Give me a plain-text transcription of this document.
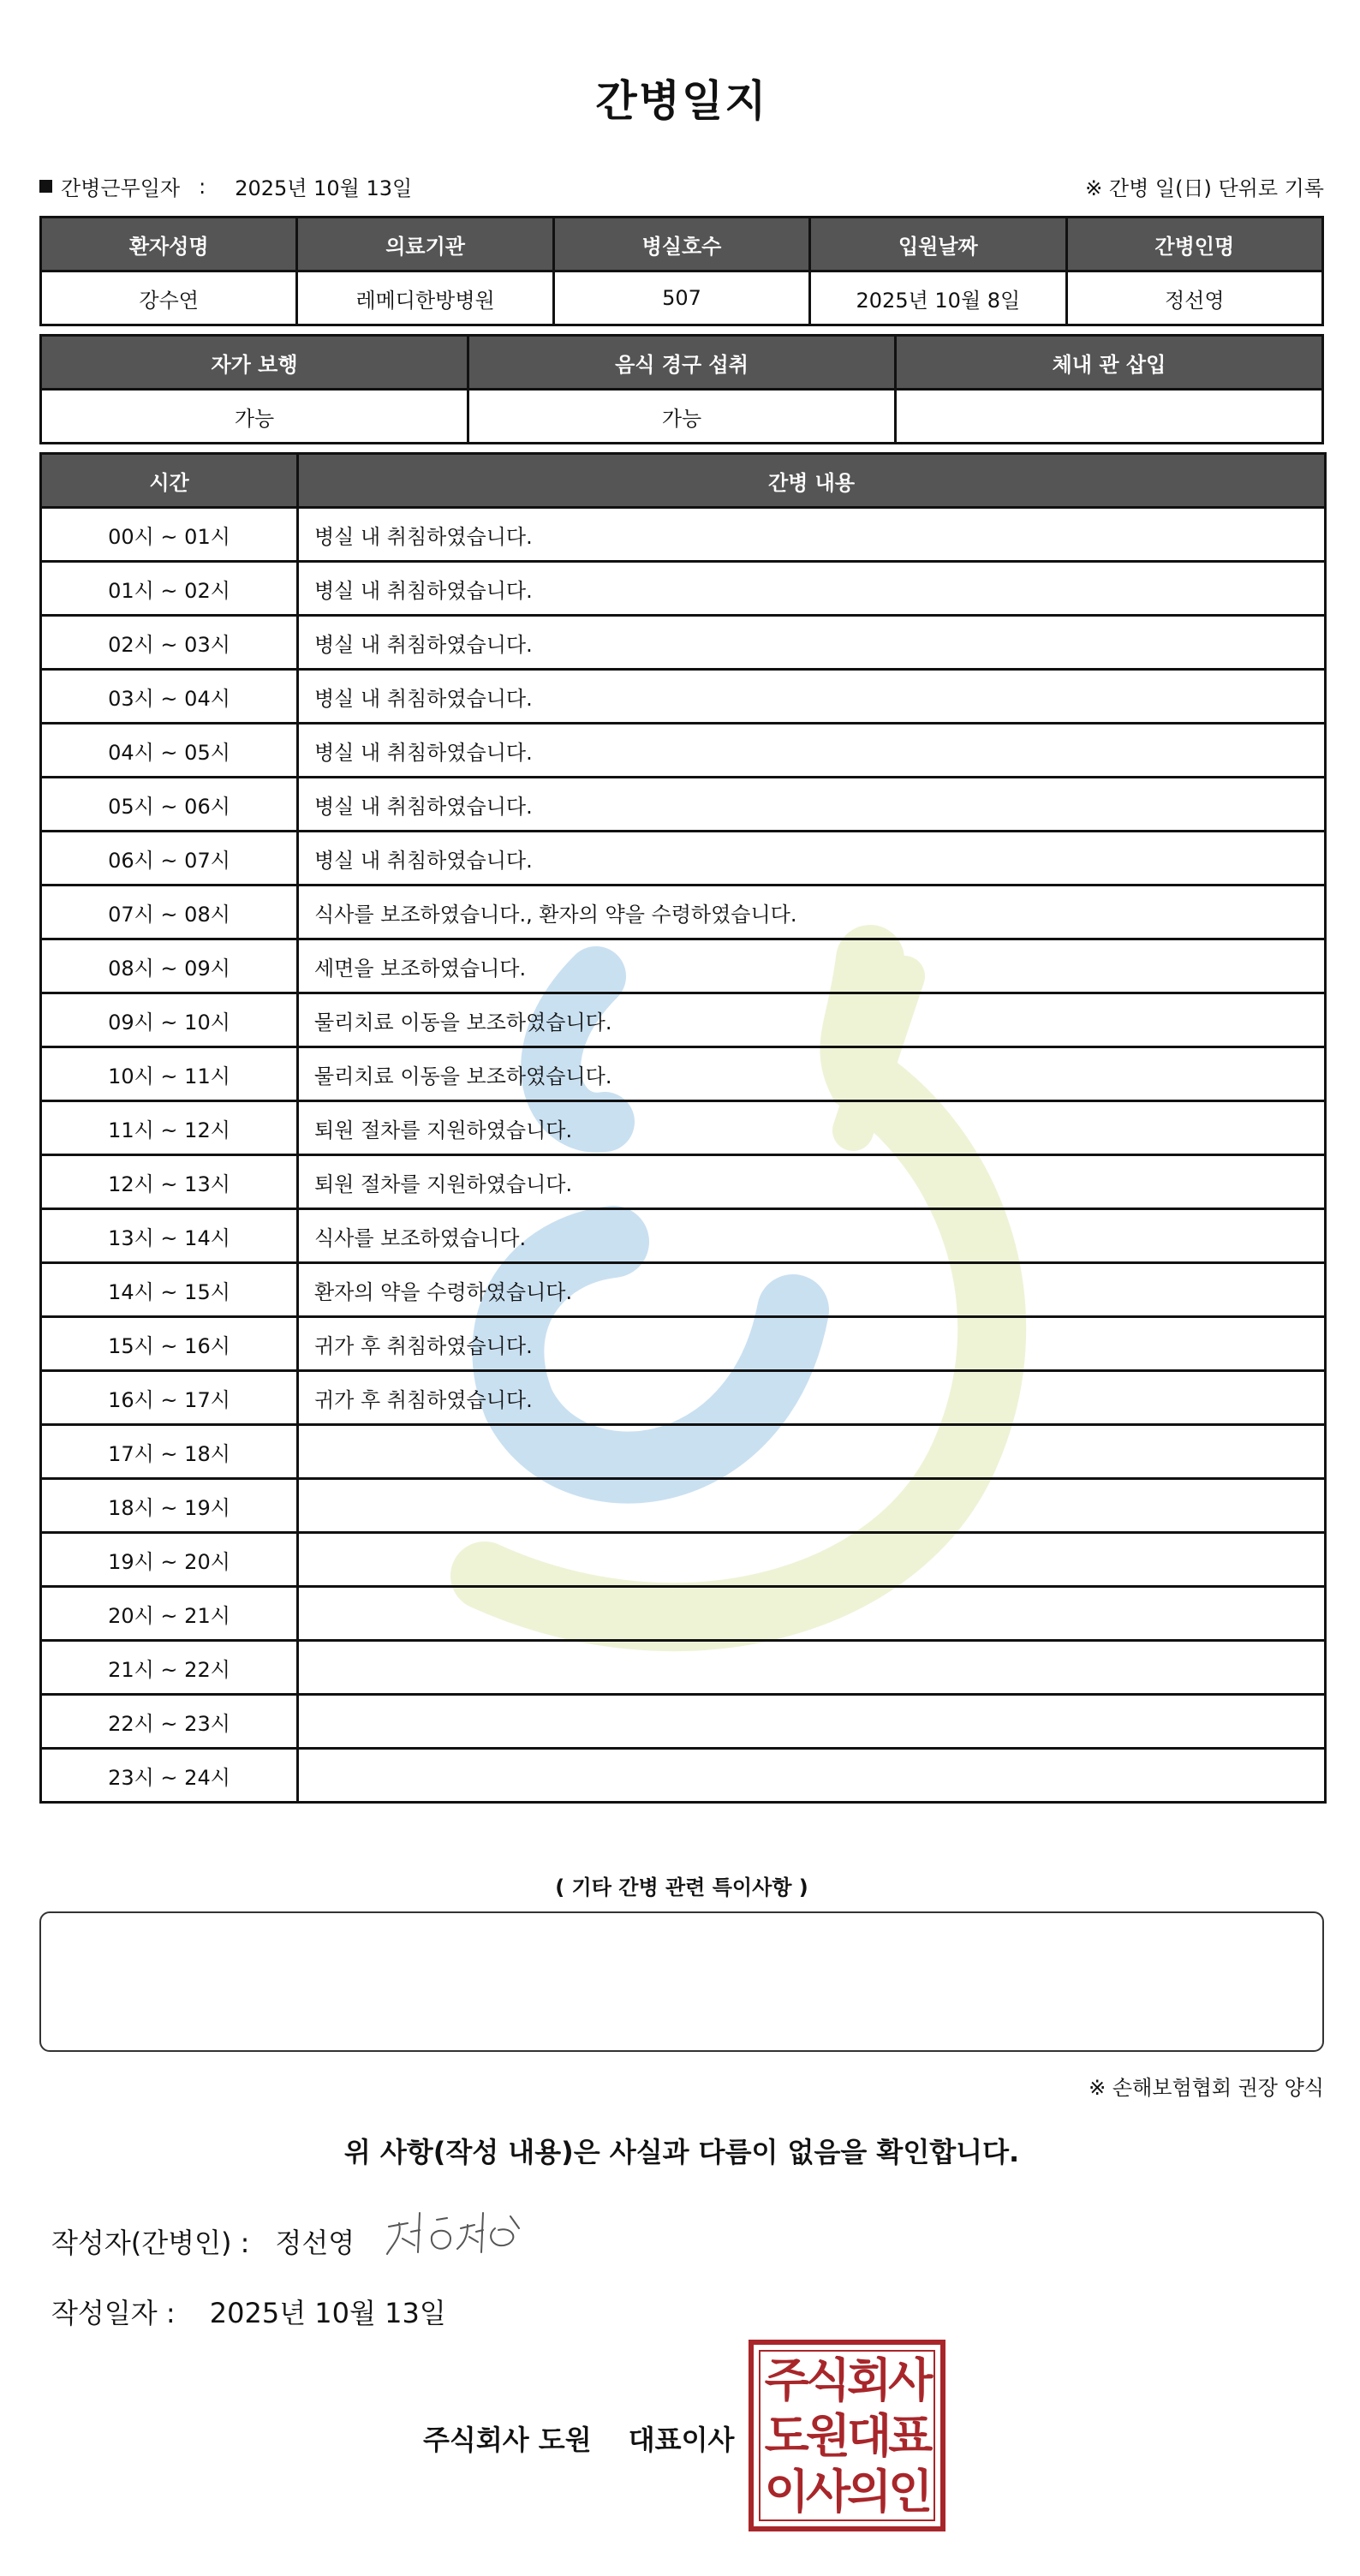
간병일지
간병근무일자 : 2025년 10월 13일	※ 간병 일(日) 단위로 기록
환자성명	의료기관	병실호수	입원날짜	간병인명
강수연	레메디한방병원	507	2025년 10월 8일	정선영
자가 보행	음식 경구 섭취	체내 관 삽입
가능	가능	
시간	간병 내용
00시 ~ 01시	병실 내 취침하였습니다.
01시 ~ 02시	병실 내 취침하였습니다.
02시 ~ 03시	병실 내 취침하였습니다.
03시 ~ 04시	병실 내 취침하였습니다.
04시 ~ 05시	병실 내 취침하였습니다.
05시 ~ 06시	병실 내 취침하였습니다.
06시 ~ 07시	병실 내 취침하였습니다.
07시 ~ 08시	식사를 보조하였습니다., 환자의 약을 수령하였습니다.
08시 ~ 09시	세면을 보조하였습니다.
09시 ~ 10시	물리치료 이동을 보조하였습니다.
10시 ~ 11시	물리치료 이동을 보조하였습니다.
11시 ~ 12시	퇴원 절차를 지원하였습니다.
12시 ~ 13시	퇴원 절차를 지원하였습니다.
13시 ~ 14시	식사를 보조하였습니다.
14시 ~ 15시	환자의 약을 수령하였습니다.
15시 ~ 16시	귀가 후 취침하였습니다.
16시 ~ 17시	귀가 후 취침하였습니다.
17시 ~ 18시	
18시 ~ 19시	
19시 ~ 20시	
20시 ~ 21시	
21시 ~ 22시	
22시 ~ 23시	
23시 ~ 24시	
( 기타 간병 관련 특이사항 )
※ 손해보험협회 권장 양식
위 사항(작성 내용)은 사실과 다름이 없음을 확인합니다.
작성자(간병인) : 정선영
작성일자 : 2025년 10월 13일
주식회사 도원 대표이사
주식회사
도원대표
이사의인
